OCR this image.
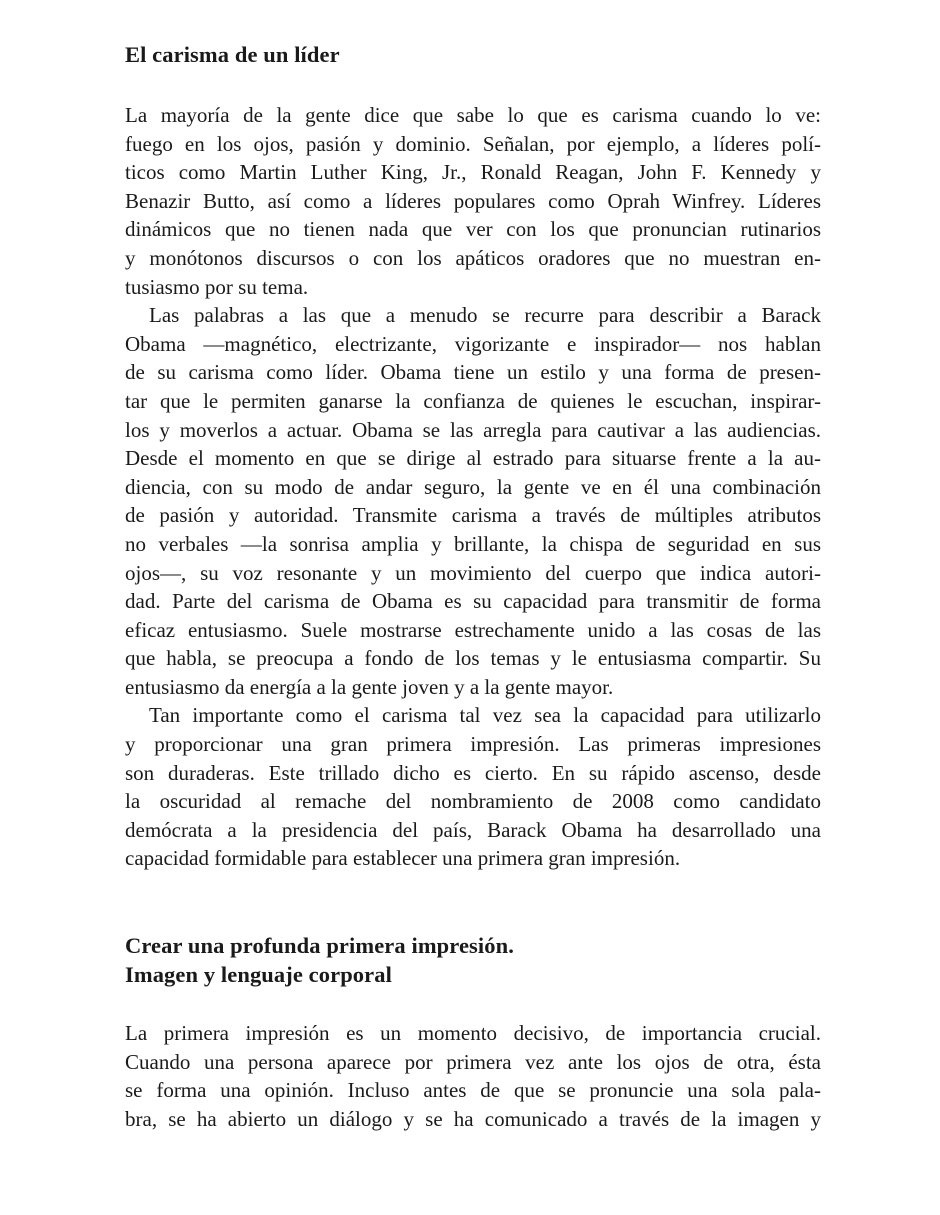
El carisma de un líder
La mayoría de la gente dice que sabe lo que es carisma cuando lo ve:
fuego en los ojos, pasión y dominio. Señalan, por ejemplo, a líderes polí-
ticos como Martin Luther King, Jr., Ronald Reagan, John F. Kennedy y
Benazir Butto, así como a líderes populares como Oprah Winfrey. Líderes
dinámicos que no tienen nada que ver con los que pronuncian rutinarios
y monótonos discursos o con los apáticos oradores que no muestran en-
tusiasmo por su tema.
Las palabras a las que a menudo se recurre para describir a Barack
Obama —magnético, electrizante, vigorizante e inspirador— nos hablan
de su carisma como líder. Obama tiene un estilo y una forma de presen-
tar que le permiten ganarse la confianza de quienes le escuchan, inspirar-
los y moverlos a actuar. Obama se las arregla para cautivar a las audiencias.
Desde el momento en que se dirige al estrado para situarse frente a la au-
diencia, con su modo de andar seguro, la gente ve en él una combinación
de pasión y autoridad. Transmite carisma a través de múltiples atributos
no verbales —la sonrisa amplia y brillante, la chispa de seguridad en sus
ojos—, su voz resonante y un movimiento del cuerpo que indica autori-
dad. Parte del carisma de Obama es su capacidad para transmitir de forma
eficaz entusiasmo. Suele mostrarse estrechamente unido a las cosas de las
que habla, se preocupa a fondo de los temas y le entusiasma compartir. Su
entusiasmo da energía a la gente joven y a la gente mayor.
Tan importante como el carisma tal vez sea la capacidad para utilizarlo
y proporcionar una gran primera impresión. Las primeras impresiones
son duraderas. Este trillado dicho es cierto. En su rápido ascenso, desde
la oscuridad al remache del nombramiento de 2008 como candidato
demócrata a la presidencia del país, Barack Obama ha desarrollado una
capacidad formidable para establecer una primera gran impresión.
Crear una profunda primera impresión.
Imagen y lenguaje corporal
La primera impresión es un momento decisivo, de importancia crucial.
Cuando una persona aparece por primera vez ante los ojos de otra, ésta
se forma una opinión. Incluso antes de que se pronuncie una sola pala-
bra, se ha abierto un diálogo y se ha comunicado a través de la imagen y
